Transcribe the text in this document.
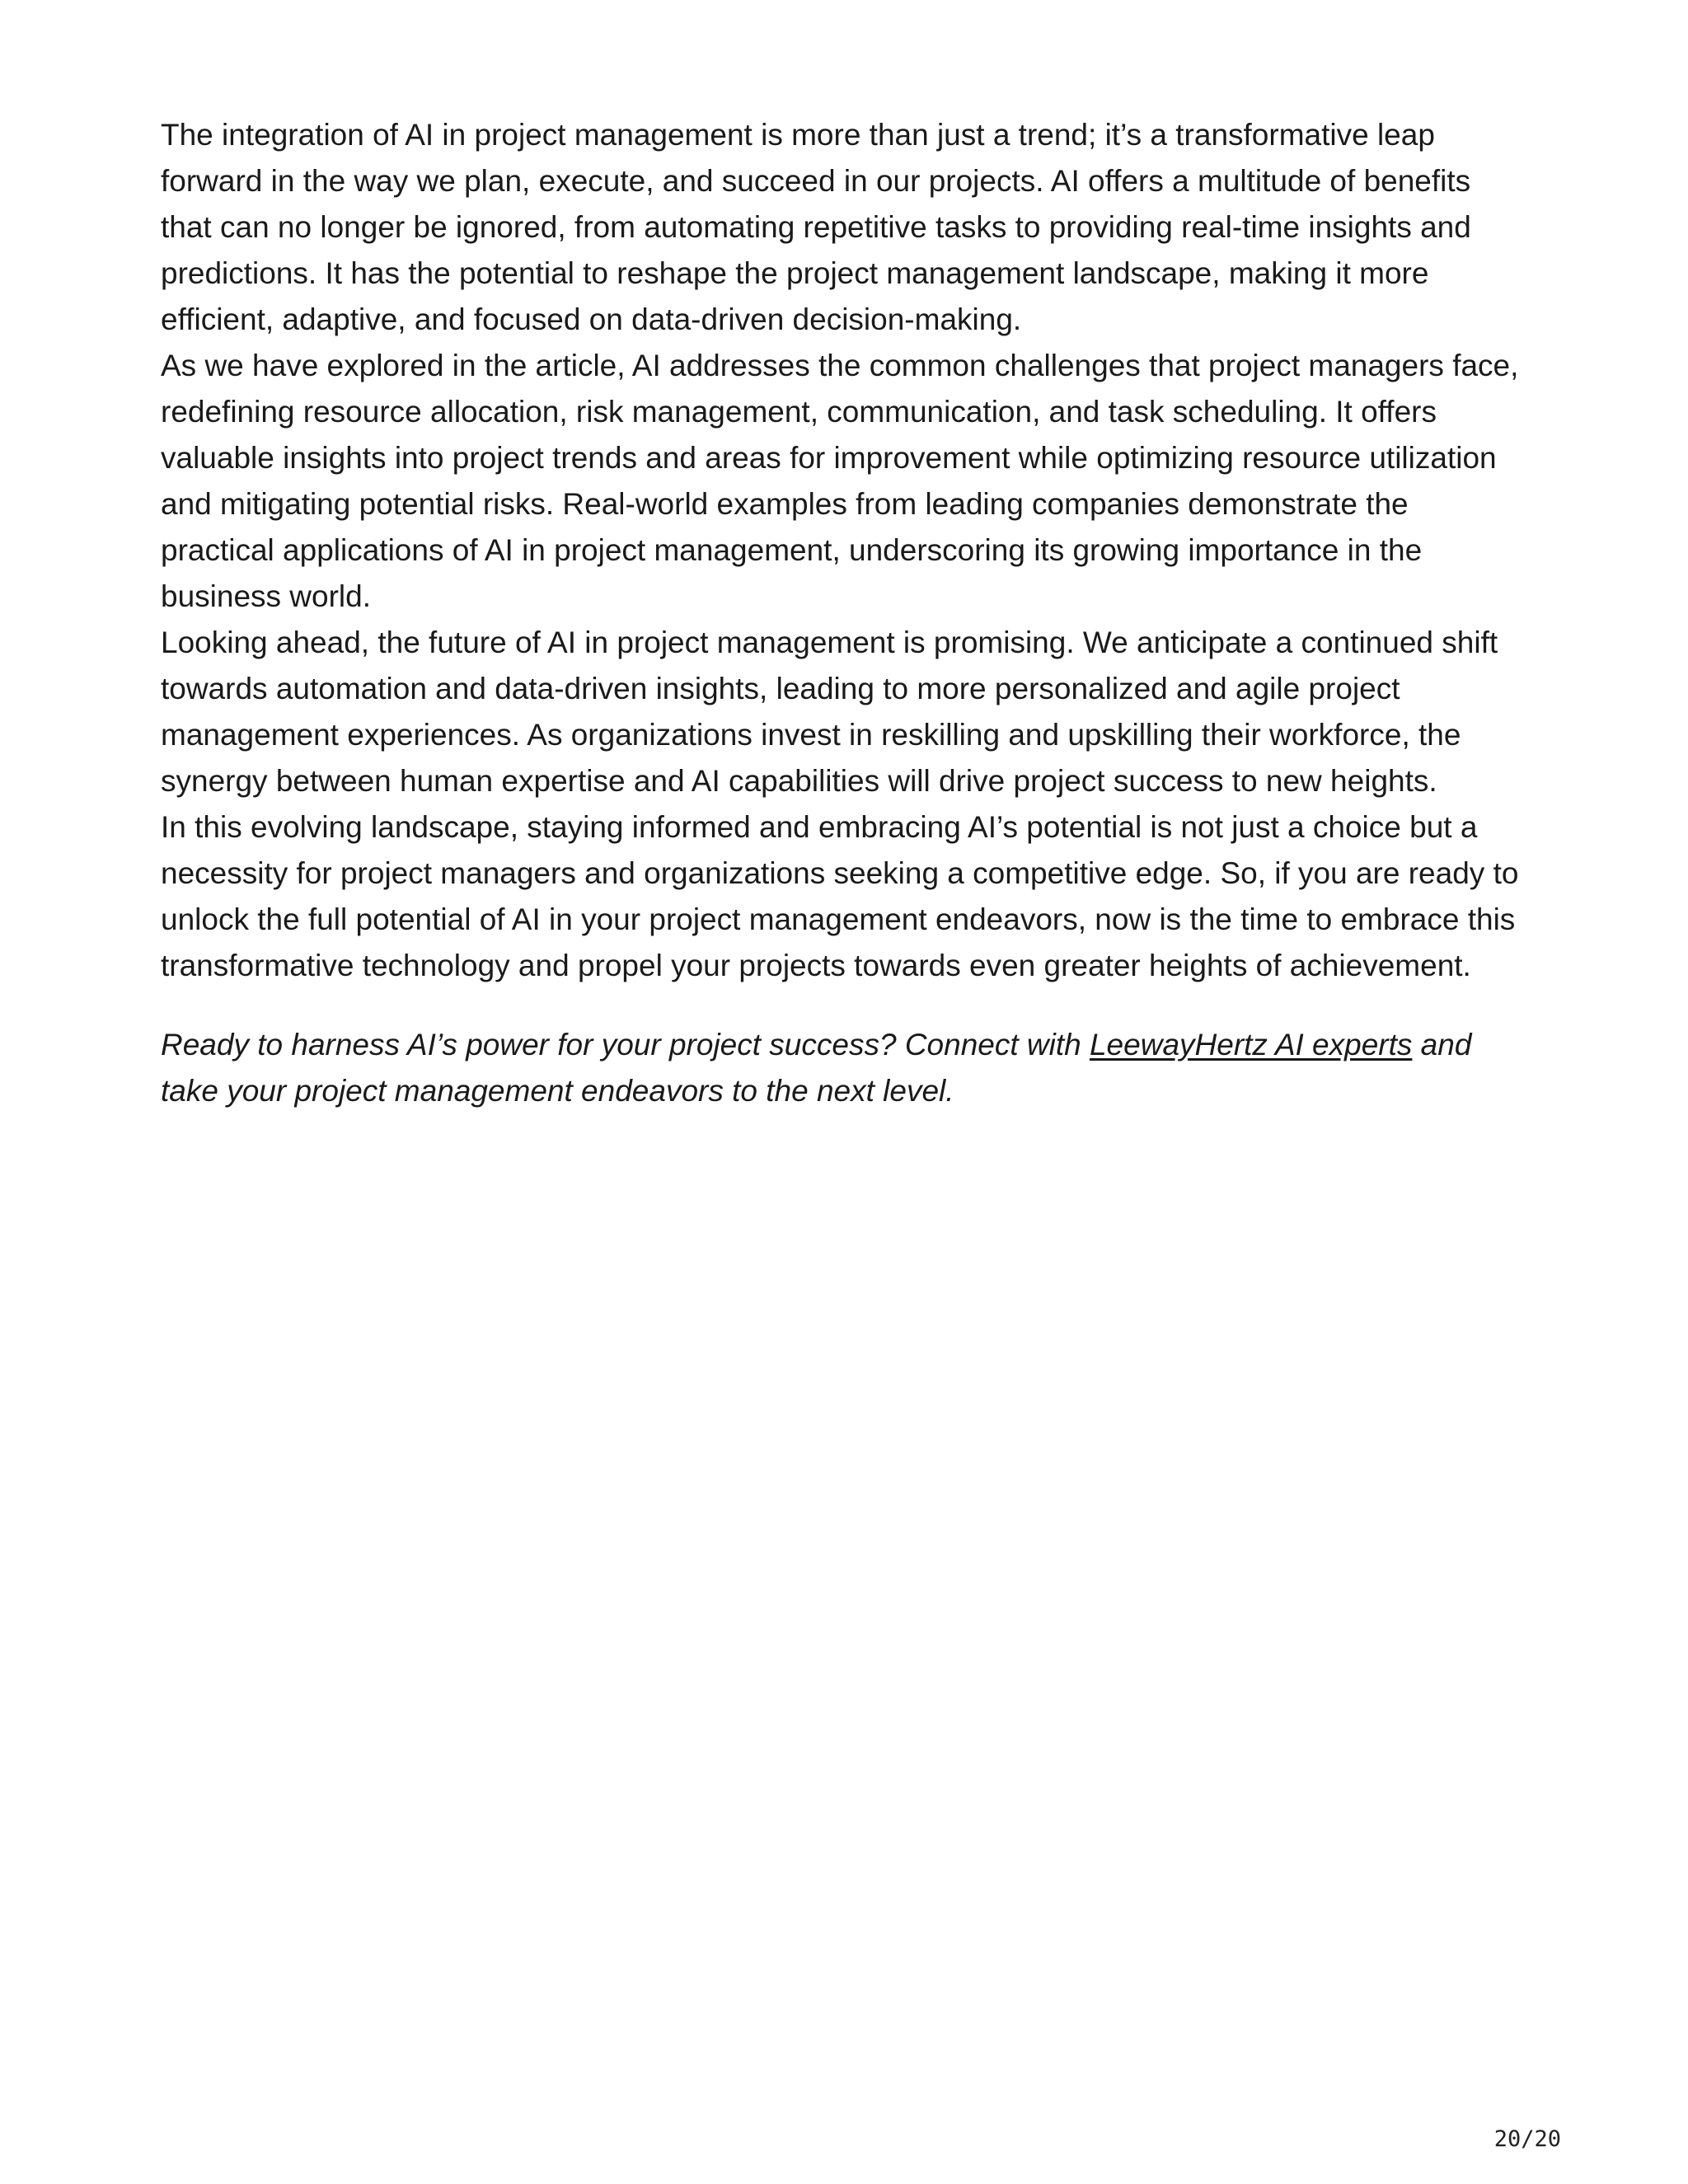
The integration of AI in project management is more than just a trend; it’s a transformative leap forward in the way we plan, execute, and succeed in our projects. AI offers a multitude of benefits that can no longer be ignored, from automating repetitive tasks to providing real-time insights and predictions. It has the potential to reshape the project management landscape, making it more efficient, adaptive, and focused on data-driven decision-making.

As we have explored in the article, AI addresses the common challenges that project managers face, redefining resource allocation, risk management, communication, and task scheduling. It offers valuable insights into project trends and areas for improvement while optimizing resource utilization and mitigating potential risks. Real-world examples from leading companies demonstrate the practical applications of AI in project management, underscoring its growing importance in the business world.

Looking ahead, the future of AI in project management is promising. We anticipate a continued shift towards automation and data-driven insights, leading to more personalized and agile project management experiences. As organizations invest in reskilling and upskilling their workforce, the synergy between human expertise and AI capabilities will drive project success to new heights.

In this evolving landscape, staying informed and embracing AI’s potential is not just a choice but a necessity for project managers and organizations seeking a competitive edge. So, if you are ready to unlock the full potential of AI in your project management endeavors, now is the time to embrace this transformative technology and propel your projects towards even greater heights of achievement.

Ready to harness AI’s power for your project success? Connect with LeewayHertz AI experts and take your project management endeavors to the next level.

20/20
